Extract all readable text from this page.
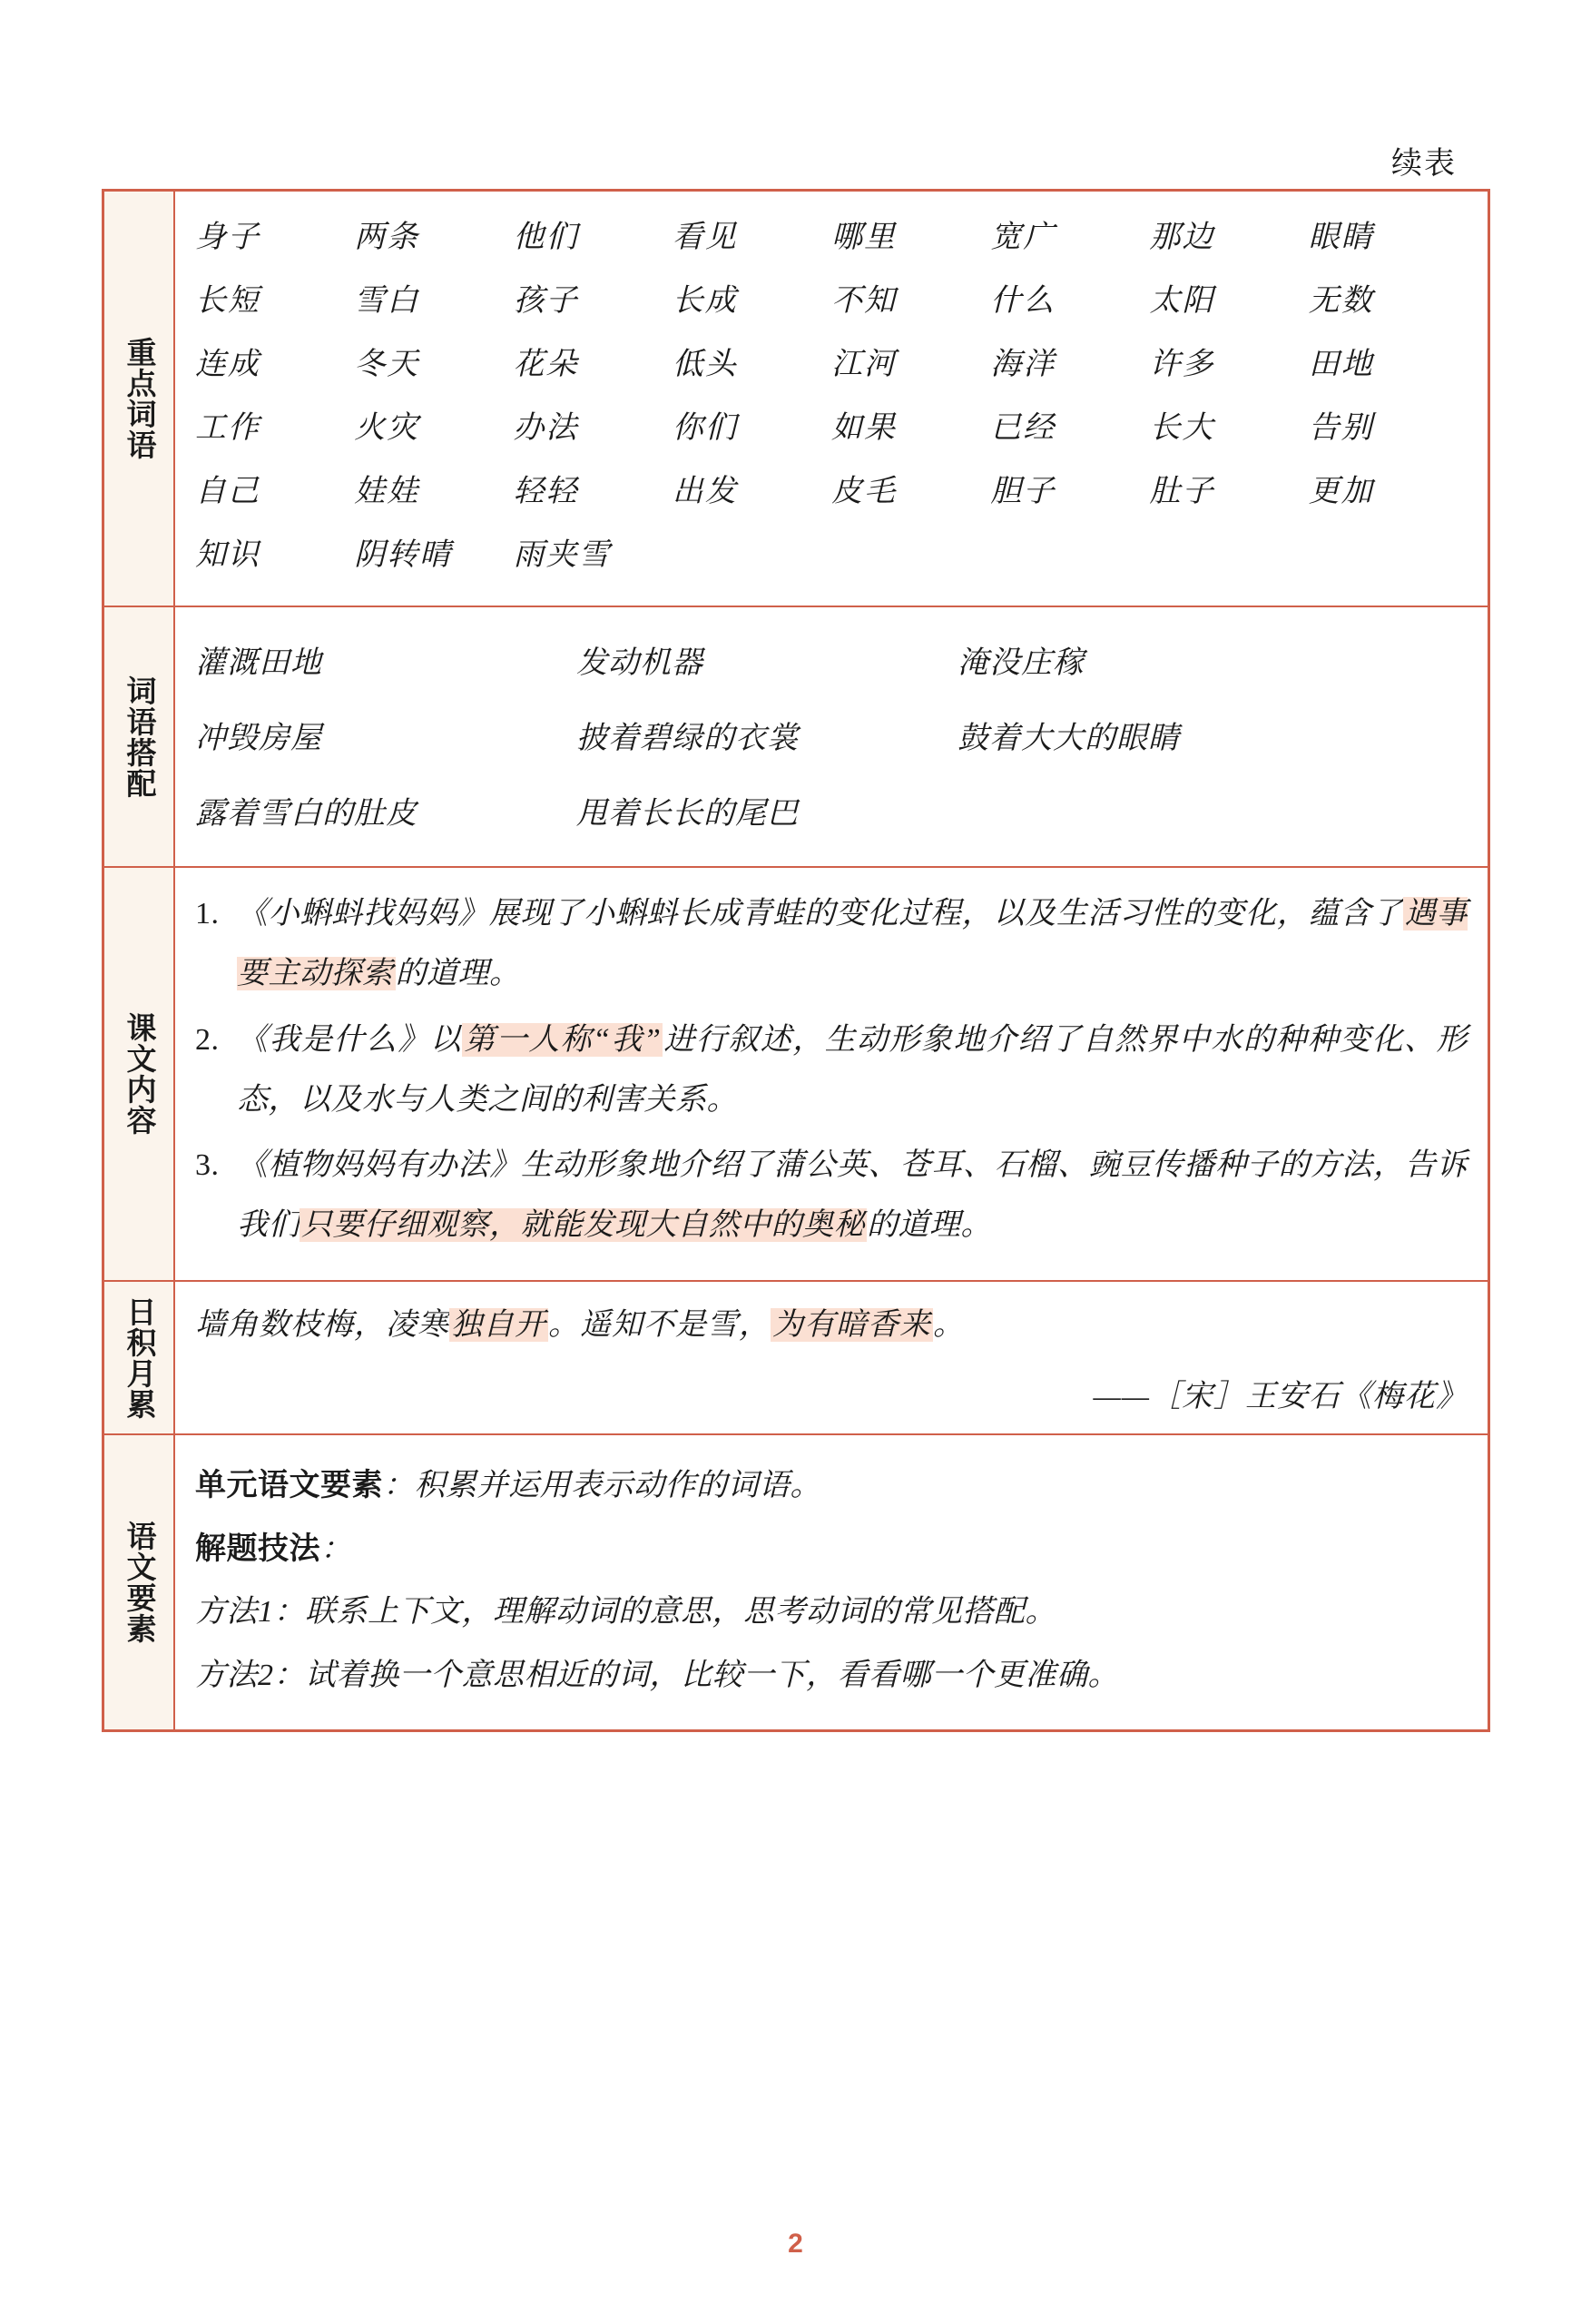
续表
重点词语
身子	两条	他们	看见	哪里	宽广	那边	眼睛
长短	雪白	孩子	长成	不知	什么	太阳	无数
连成	冬天	花朵	低头	江河	海洋	许多	田地
工作	火灾	办法	你们	如果	已经	长大	告别
自己	娃娃	轻轻	出发	皮毛	胆子	肚子	更加
知识	阴转晴	雨夹雪
词语搭配
灌溉田地	发动机器	淹没庄稼
冲毁房屋	披着碧绿的衣裳	鼓着大大的眼睛
露着雪白的肚皮	甩着长长的尾巴
课文内容
1. 《小蝌蚪找妈妈》展现了小蝌蚪长成青蛙的变化过程，以及生活习性的变化，蕴含了遇事要主动探索的道理。
2. 《我是什么》以第一人称“我”进行叙述，生动形象地介绍了自然界中水的种种变化、形态，以及水与人类之间的利害关系。
3. 《植物妈妈有办法》生动形象地介绍了蒲公英、苍耳、石榴、豌豆传播种子的方法，告诉我们只要仔细观察，就能发现大自然中的奥秘的道理。
日积月累 墙角数枝梅，凌寒独自开。遥知不是雪，为有暗香来。
——［宋］王安石《梅花》
语文要素
单元语文要素：积累并运用表示动作的词语。
解题技法：
方法1：联系上下文，理解动词的意思，思考动词的常见搭配。
方法2：试着换一个意思相近的词，比较一下，看看哪一个更准确。
2
